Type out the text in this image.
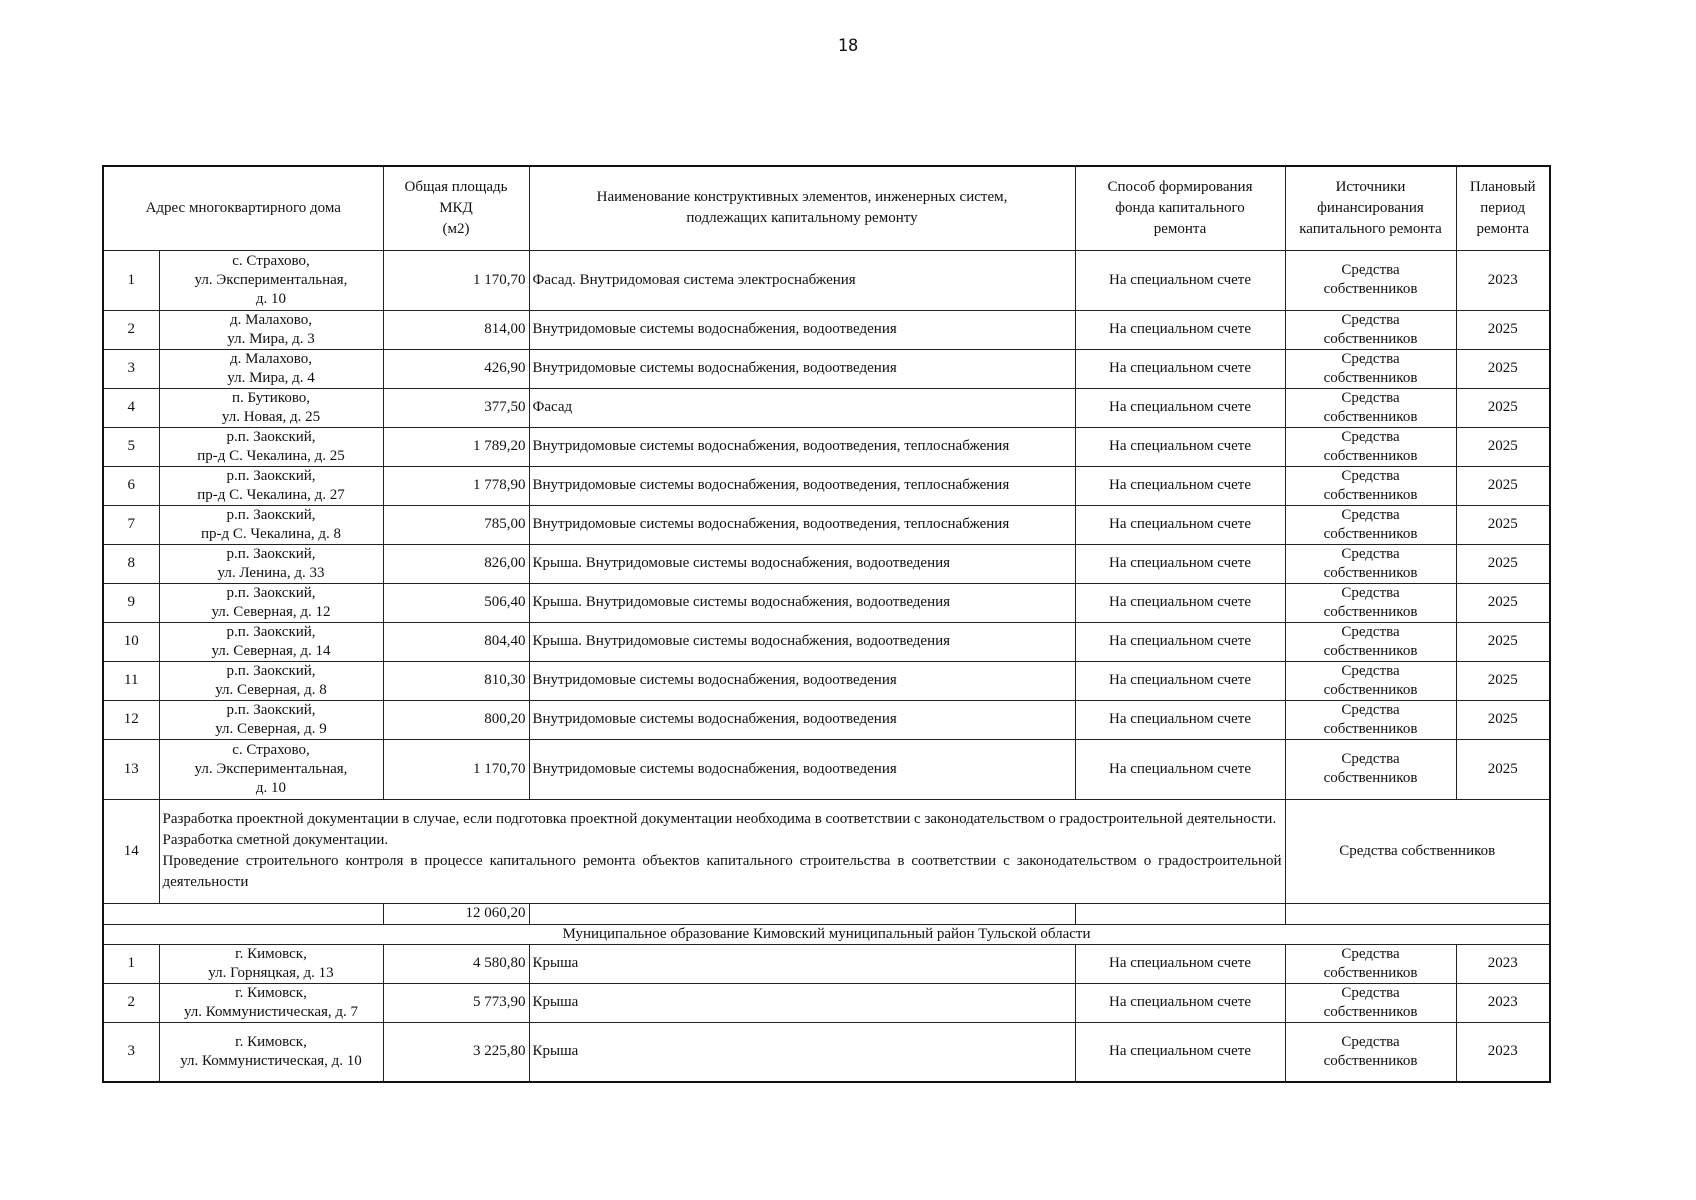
18
Адрес многоквартирного дома		Общая площадь
МКД
(м2)	Наименование конструктивных элементов, инженерных систем,
подлежащих капитальному ремонту	Способ формирования
фонда капитального
ремонта	Источники
финансирования
капитального ремонта	Плановый
период
ремонта
1	с. Страхово,
ул. Экспериментальная,
д. 10	1 170,70	Фасад. Внутридомовая система электроснабжения	На специальном счете	Средства
собственников	2023
2	д. Малахово,
ул. Мира, д. 3	814,00	Внутридомовые системы водоснабжения, водоотведения	На специальном счете	Средства
собственников	2025
3	д. Малахово,
ул. Мира, д. 4	426,90	Внутридомовые системы водоснабжения, водоотведения	На специальном счете	Средства
собственников	2025
4	п. Бутиково,
ул. Новая, д. 25	377,50	Фасад	На специальном счете	Средства
собственников	2025
5	р.п. Заокский,
пр-д С. Чекалина, д. 25	1 789,20	Внутридомовые системы водоснабжения, водоотведения, теплоснабжения	На специальном счете	Средства
собственников	2025
6	р.п. Заокский,
пр-д С. Чекалина, д. 27	1 778,90	Внутридомовые системы водоснабжения, водоотведения, теплоснабжения	На специальном счете	Средства
собственников	2025
7	р.п. Заокский,
пр-д С. Чекалина, д. 8	785,00	Внутридомовые системы водоснабжения, водоотведения, теплоснабжения	На специальном счете	Средства
собственников	2025
8	р.п. Заокский,
ул. Ленина, д. 33	826,00	Крыша. Внутридомовые системы водоснабжения, водоотведения	На специальном счете	Средства
собственников	2025
9	р.п. Заокский,
ул. Северная, д. 12	506,40	Крыша. Внутридомовые системы водоснабжения, водоотведения	На специальном счете	Средства
собственников	2025
10	р.п. Заокский,
ул. Северная, д. 14	804,40	Крыша. Внутридомовые системы водоснабжения, водоотведения	На специальном счете	Средства
собственников	2025
11	р.п. Заокский,
ул. Северная, д. 8	810,30	Внутридомовые системы водоснабжения, водоотведения	На специальном счете	Средства
собственников	2025
12	р.п. Заокский,
ул. Северная, д. 9	800,20	Внутридомовые системы водоснабжения, водоотведения	На специальном счете	Средства
собственников	2025
13	с. Страхово,
ул. Экспериментальная,
д. 10	1 170,70	Внутридомовые системы водоснабжения, водоотведения	На специальном счете	Средства
собственников	2025
14	Разработка проектной документации в случае, если подготовка проектной документации необходима в соответствии с законодательством о градостроительной деятельности.
Разработка сметной документации.
Проведение строительного контроля в процессе капитального ремонта объектов капитального строительства в соответствии с законодательством о градостроительной деятельности				Средства собственников	
		12 060,20				
Муниципальное образование Кимовский муниципальный район Тульской области						
1	г. Кимовск,
ул. Горняцкая, д. 13	4 580,80	Крыша	На специальном счете	Средства
собственников	2023
2	г. Кимовск,
ул. Коммунистическая, д. 7	5 773,90	Крыша	На специальном счете	Средства
собственников	2023
3	г. Кимовск,
ул. Коммунистическая, д. 10	3 225,80	Крыша	На специальном счете	Средства
собственников	2023
